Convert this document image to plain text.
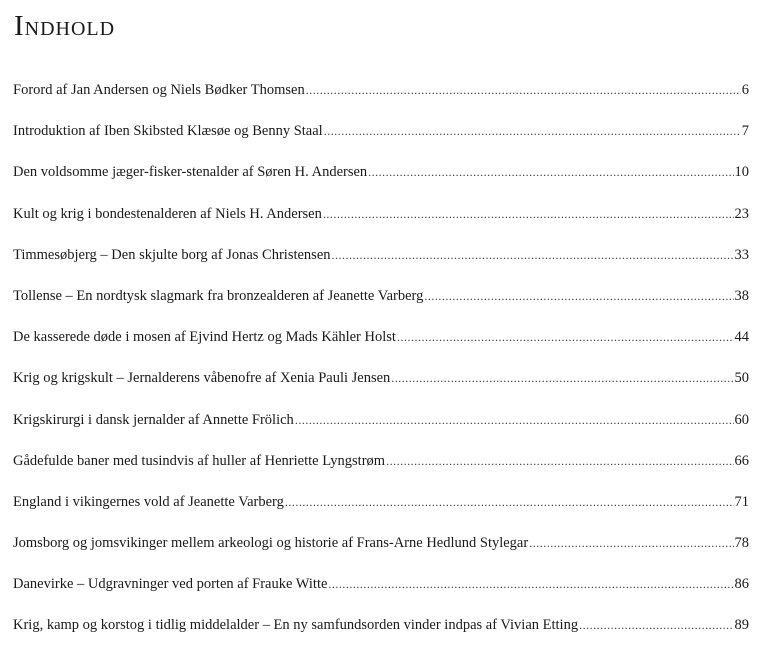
Indhold
Forord af Jan Andersen og Niels Bødker Thomsen .....	6
Introduktion af Iben Skibsted Klæsøe og Benny Staal .....	7
Den voldsomme jæger-fisker-stenalder af Søren H. Andersen .....	10
Kult og krig i bondestenalderen af Niels H. Andersen .....	23
Timmesøbjerg – Den skjulte borg af Jonas Christensen .....	33
Tollense – En nordtysk slagmark fra bronzealderen af Jeanette Varberg .....	38
De kasserede døde i mosen af Ejvind Hertz og Mads Kähler Holst .....	44
Krig og krigskult – Jernalderens våbenofre af Xenia Pauli Jensen .....	50
Krigskirurgi i dansk jernalder af Annette Frölich .....	60
Gådefulde baner med tusindvis af huller af Henriette Lyngstrøm .....	66
England i vikingernes vold af Jeanette Varberg .....	71
Jomsborg og jomsvikinger mellem arkeologi og historie af Frans-Arne Hedlund Stylegar .....	78
Danevirke – Udgravninger ved porten af Frauke Witte .....	86
Krig, kamp og korstog i tidlig middelalder – En ny samfundsorden vinder indpas af Vivian Etting .....	89
